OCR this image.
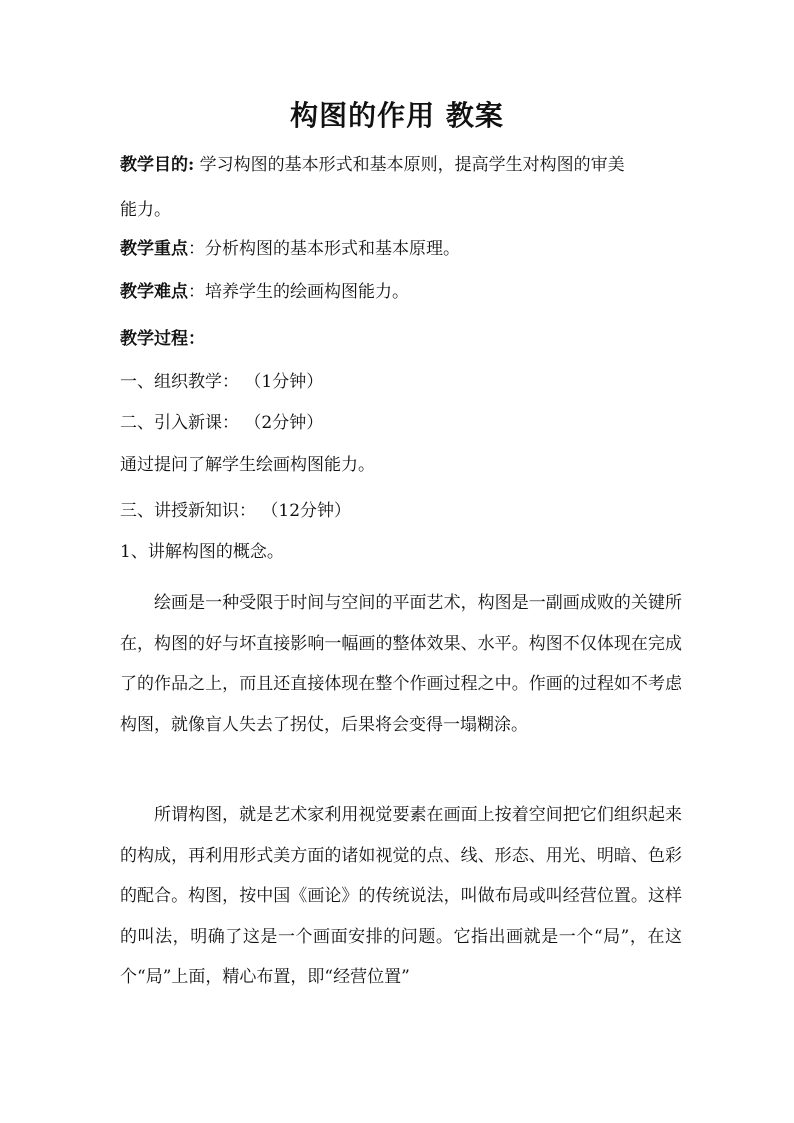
构图的作用 教案

教学目的: 学习构图的基本形式和基本原则，提高学生对构图的审美

能力。

教学重点：分析构图的基本形式和基本原理。

教学难点：培养学生的绘画构图能力。

教学过程：

一、组织教学： （1分钟）

二、引入新课： （2分钟）

通过提问了解学生绘画构图能力。

三、讲授新知识： （12分钟）

1、讲解构图的概念。

绘画是一种受限于时间与空间的平面艺术，构图是一副画成败的关键所在，构图的好与坏直接影响一幅画的整体效果、水平。构图不仅体现在完成了的作品之上，而且还直接体现在整个作画过程之中。作画的过程如不考虑构图，就像盲人失去了拐仗，后果将会变得一塌糊涂。

所谓构图，就是艺术家利用视觉要素在画面上按着空间把它们组织起来的构成，再利用形式美方面的诸如视觉的点、线、形态、用光、明暗、色彩的配合。构图，按中国《画论》的传统说法，叫做布局或叫经营位置。这样的叫法，明确了这是一个画面安排的问题。它指出画就是一个“局”，在这个“局”上面，精心布置，即“经营位置”
